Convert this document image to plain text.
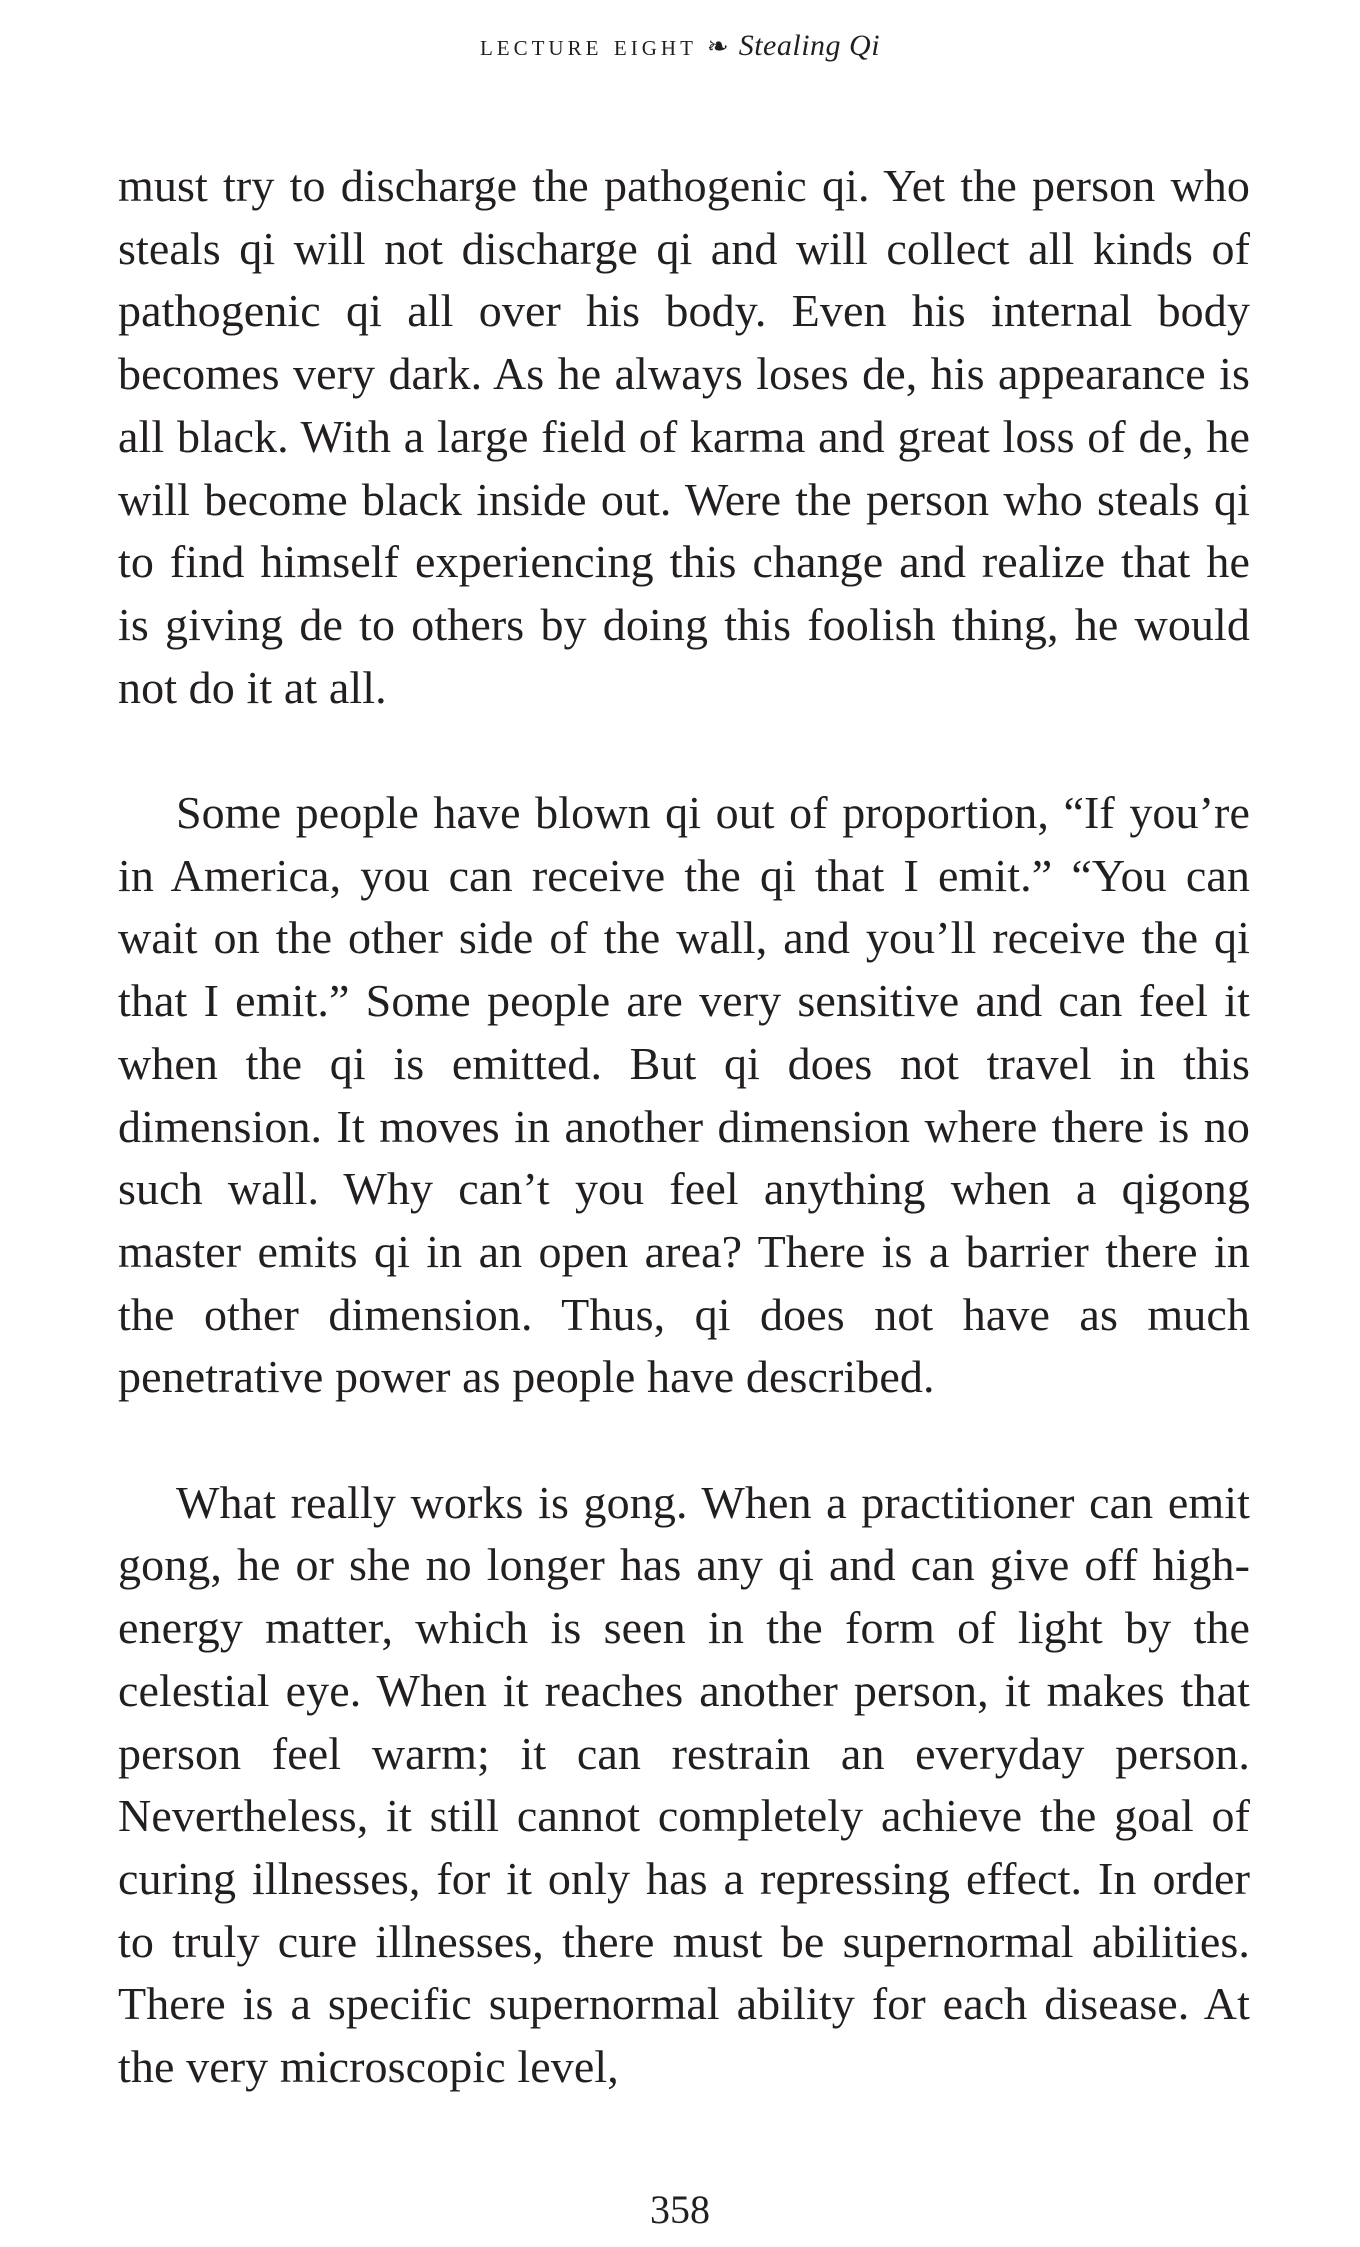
lecture eight ❧ Stealing Qi

must try to discharge the pathogenic qi. Yet the person who steals qi will not discharge qi and will collect all kinds of pathogenic qi all over his body. Even his internal body becomes very dark. As he always loses de, his appearance is all black. With a large field of karma and great loss of de, he will become black inside out. Were the person who steals qi to find himself experiencing this change and realize that he is giving de to others by doing this foolish thing, he would not do it at all.

Some people have blown qi out of proportion, “If you’re in America, you can receive the qi that I emit.” “You can wait on the other side of the wall, and you’ll receive the qi that I emit.” Some people are very sensitive and can feel it when the qi is emitted. But qi does not travel in this dimension. It moves in another dimension where there is no such wall. Why can’t you feel anything when a qigong master emits qi in an open area? There is a barrier there in the other dimension. Thus, qi does not have as much penetrative power as people have described.

What really works is gong. When a practitioner can emit gong, he or she no longer has any qi and can give off high-energy matter, which is seen in the form of light by the celestial eye. When it reaches another person, it makes that person feel warm; it can restrain an everyday person. Nevertheless, it still cannot completely achieve the goal of curing illnesses, for it only has a repressing effect. In order to truly cure illnesses, there must be supernormal abilities. There is a specific supernormal ability for each disease. At the very microscopic level,

358
